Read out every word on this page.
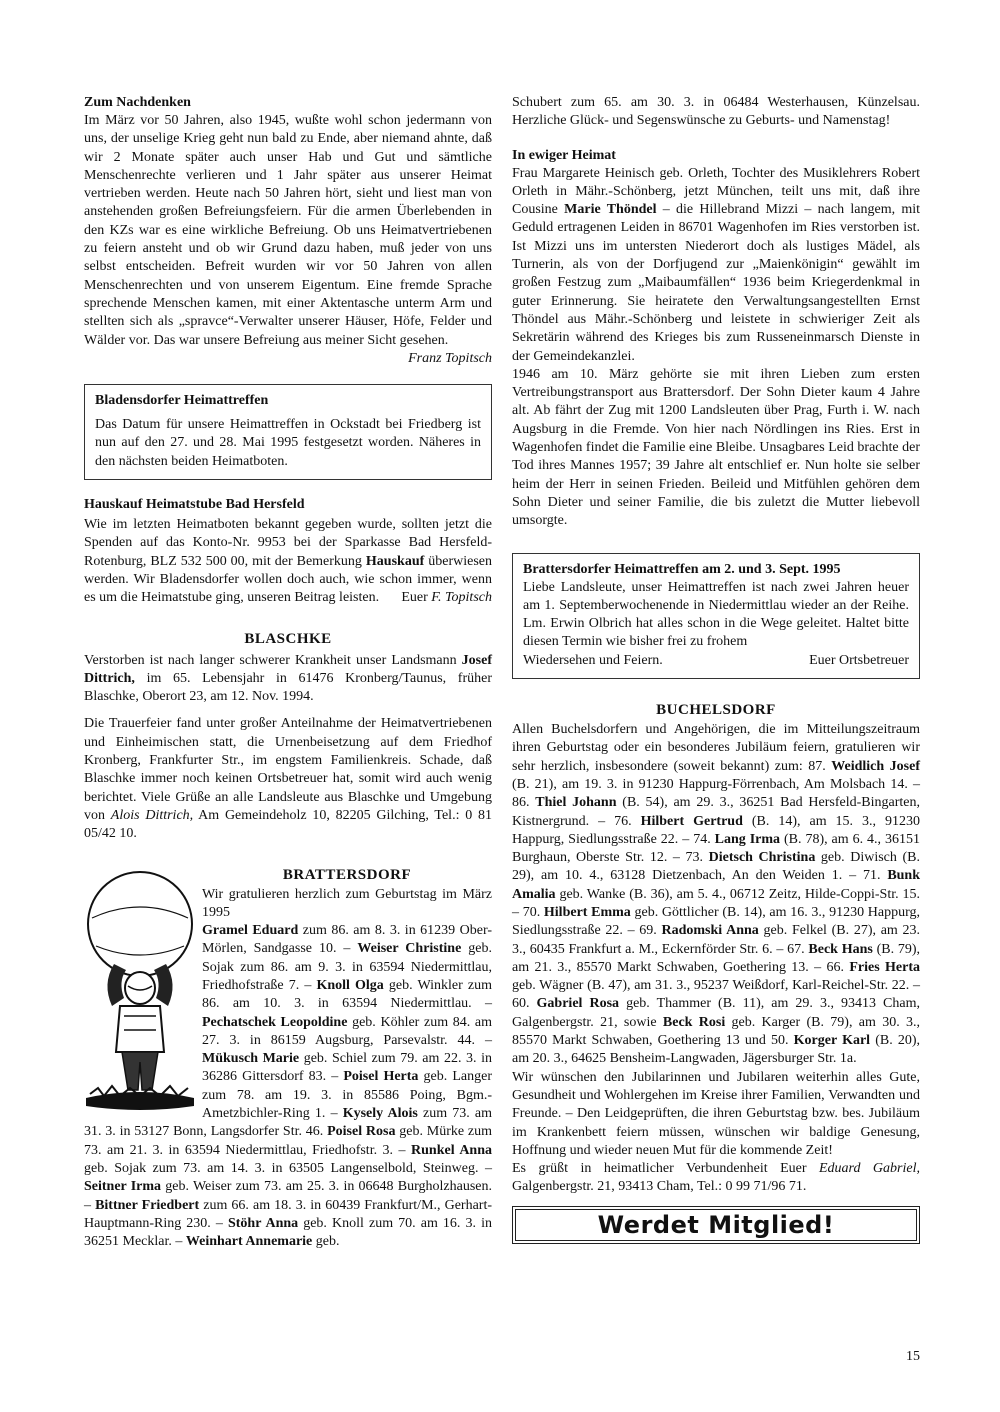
Zum Nachdenken

Im März vor 50 Jahren, also 1945, wußte wohl schon jedermann von uns, der unselige Krieg geht nun bald zu Ende, aber niemand ahnte, daß wir 2 Monate später auch unser Hab und Gut und sämtliche Menschenrechte verlieren und 1 Jahr später aus unserer Heimat vertrieben werden. Heute nach 50 Jahren hört, sieht und liest man von anstehenden großen Befreiungsfeiern. Für die armen Überlebenden in den KZs war es eine wirkliche Befreiung. Ob uns Heimatvertriebenen zu feiern ansteht und ob wir Grund dazu haben, muß jeder von uns selbst entscheiden. Befreit wurden wir vor 50 Jahren von allen Menschenrechten und von unserem Eigentum. Eine fremde Sprache sprechende Menschen kamen, mit einer Aktentasche unterm Arm und stellten sich als „spravce“-Verwalter unserer Häuser, Höfe, Felder und Wälder vor. Das war unsere Befreiung aus meiner Sicht gesehen.

Franz Topitsch

Bladensdorfer Heimattreffen

Das Datum für unsere Heimattreffen in Ockstadt bei Friedberg ist nun auf den 27. und 28. Mai 1995 festgesetzt worden. Näheres in den nächsten beiden Heimatboten.

Hauskauf Heimatstube Bad Hersfeld

Wie im letzten Heimatboten bekannt gegeben wurde, sollten jetzt die Spenden auf das Konto-Nr. 9953 bei der Sparkasse Bad Hersfeld-Rotenburg, BLZ 532 500 00, mit der Bemerkung Hauskauf überwiesen werden. Wir Bladensdorfer wollen doch auch, wie schon immer, wenn es um die Heimatstube ging, unseren Beitrag leisten. Euer F. Topitsch

BLASCHKE

Verstorben ist nach langer schwerer Krankheit unser Landsmann Josef Dittrich, im 65. Lebensjahr in 61476 Kronberg/Taunus, früher Blaschke, Oberort 23, am 12. Nov. 1994.

Die Trauerfeier fand unter großer Anteilnahme der Heimatvertriebenen und Einheimischen statt, die Urnenbeisetzung auf dem Friedhof Kronberg, Frankfurter Str., im engstem Familienkreis. Schade, daß Blaschke immer noch keinen Ortsbetreuer hat, somit wird auch wenig berichtet. Viele Grüße an alle Landsleute aus Blaschke und Umgebung von Alois Dittrich, Am Gemeindeholz 10, 82205 Gilching, Tel.: 0 81 05/42 10.

BRATTERSDORF

Wir gratulieren herzlich zum Geburtstag im März 1995
Gramel Eduard zum 86. am 8. 3. in 61239 Ober-Mörlen, Sandgasse 10. – Weiser Christine geb. Sojak zum 86. am 9. 3. in 63594 Niedermittlau, Friedhofstraße 7. – Knoll Olga geb. Winkler zum 86. am 10. 3. in 63594 Niedermittlau. – Pechatschek Leopoldine geb. Köhler zum 84. am 27. 3. in 86159 Augsburg, Parsevalstr. 44. – Mükusch Marie geb. Schiel zum 79. am 22. 3. in 36286 Gittersdorf 83. – Poisel Herta geb. Langer zum 78. am 19. 3. in 85586 Poing, Bgm.-Ametzbichler-Ring 1. – Kysely Alois zum 73. am 31. 3. in 53127 Bonn, Langsdorfer Str. 46. Poisel Rosa geb. Mürke zum 73. am 21. 3. in 63594 Niedermittlau, Friedhofstr. 3. – Runkel Anna geb. Sojak zum 73. am 14. 3. in 63505 Langenselbold, Steinweg. – Seitner Irma geb. Weiser zum 73. am 25. 3. in 06648 Burgholzhausen. – Bittner Friedbert zum 66. am 18. 3. in 60439 Frankfurt/M., Gerhart-Hauptmann-Ring 230. – Stöhr Anna geb. Knoll zum 70. am 16. 3. in 36251 Mecklar. – Weinhart Annemarie geb.

Schubert zum 65. am 30. 3. in 06484 Westerhausen, Künzelsau. Herzliche Glück- und Segenswünsche zu Geburts- und Namenstag!

In ewiger Heimat

Frau Margarete Heinisch geb. Orleth, Tochter des Musiklehrers Robert Orleth in Mähr.-Schönberg, jetzt München, teilt uns mit, daß ihre Cousine Marie Thöndel – die Hillebrand Mizzi – nach langem, mit Geduld ertragenen Leiden in 86701 Wagenhofen im Ries verstorben ist. Ist Mizzi uns im untersten Niederort doch als lustiges Mädel, als Turnerin, als von der Dorfjugend zur „Maienkönigin“ gewählt im großen Festzug zum „Maibaumfällen“ 1936 beim Kriegerdenkmal in guter Erinnerung. Sie heiratete den Verwaltungsangestellten Ernst Thöndel aus Mähr.-Schönberg und leistete in schwieriger Zeit als Sekretärin während des Krieges bis zum Russeneinmarsch Dienste in der Gemeindekanzlei.

1946 am 10. März gehörte sie mit ihren Lieben zum ersten Vertreibungstransport aus Brattersdorf. Der Sohn Dieter kaum 4 Jahre alt. Ab fährt der Zug mit 1200 Landsleuten über Prag, Furth i. W. nach Augsburg in die Fremde. Von hier nach Nördlingen ins Ries. Erst in Wagenhofen findet die Familie eine Bleibe. Unsagbares Leid brachte der Tod ihres Mannes 1957; 39 Jahre alt entschlief er. Nun holte sie selber heim der Herr in seinen Frieden. Beileid und Mitfühlen gehören dem Sohn Dieter und seiner Familie, die bis zuletzt die Mutter liebevoll umsorgte.

Brattersdorfer Heimattreffen am 2. und 3. Sept. 1995

Liebe Landsleute, unser Heimattreffen ist nach zwei Jahren heuer am 1. Septemberwochenende in Niedermittlau wieder an der Reihe. Lm. Erwin Olbrich hat alles schon in die Wege geleitet. Haltet bitte diesen Termin wie bisher frei zu frohem

Wiedersehen und Feiern.	Euer Ortsbetreuer

BUCHELSDORF

Allen Buchelsdorfern und Angehörigen, die im Mitteilungszeitraum ihren Geburtstag oder ein besonderes Jubiläum feiern, gratulieren wir sehr herzlich, insbesondere (soweit bekannt) zum: 87. Weidlich Josef (B. 21), am 19. 3. in 91230 Happurg-Förrenbach, Am Molsbach 14. – 86. Thiel Johann (B. 54), am 29. 3., 36251 Bad Hersfeld-Bingarten, Kistnergrund. – 76. Hilbert Gertrud (B. 14), am 15. 3., 91230 Happurg, Siedlungsstraße 22. – 74. Lang Irma (B. 78), am 6. 4., 36151 Burghaun, Oberste Str. 12. – 73. Dietsch Christina geb. Diwisch (B. 29), am 10. 4., 63128 Dietzenbach, An den Weiden 1. – 71. Bunk Amalia geb. Wanke (B. 36), am 5. 4., 06712 Zeitz, Hilde-Coppi-Str. 15. – 70. Hilbert Emma geb. Göttlicher (B. 14), am 16. 3., 91230 Happurg, Siedlungsstraße 22. – 69. Radomski Anna geb. Felkel (B. 27), am 23. 3., 60435 Frankfurt a. M., Eckernförder Str. 6. – 67. Beck Hans (B. 79), am 21. 3., 85570 Markt Schwaben, Goethering 13. – 66. Fries Herta geb. Wägner (B. 47), am 31. 3., 95237 Weißdorf, Karl-Reichel-Str. 22. – 60. Gabriel Rosa geb. Thammer (B. 11), am 29. 3., 93413 Cham, Galgenbergstr. 21, sowie Beck Rosi geb. Karger (B. 79), am 30. 3., 85570 Markt Schwaben, Goethering 13 und 50. Korger Karl (B. 20), am 20. 3., 64625 Bensheim-Langwaden, Jägersburger Str. 1a.

Wir wünschen den Jubilarinnen und Jubilaren weiterhin alles Gute, Gesundheit und Wohlergehen im Kreise ihrer Familien, Verwandten und Freunde. – Den Leidgeprüften, die ihren Geburtstag bzw. bes. Jubiläum im Krankenbett feiern müssen, wünschen wir baldige Genesung, Hoffnung und wieder neuen Mut für die kommende Zeit!

Es grüßt in heimatlicher Verbundenheit Euer Eduard Gabriel, Galgenbergstr. 21, 93413 Cham, Tel.: 0 99 71/96 71.

Werdet Mitglied!
15
